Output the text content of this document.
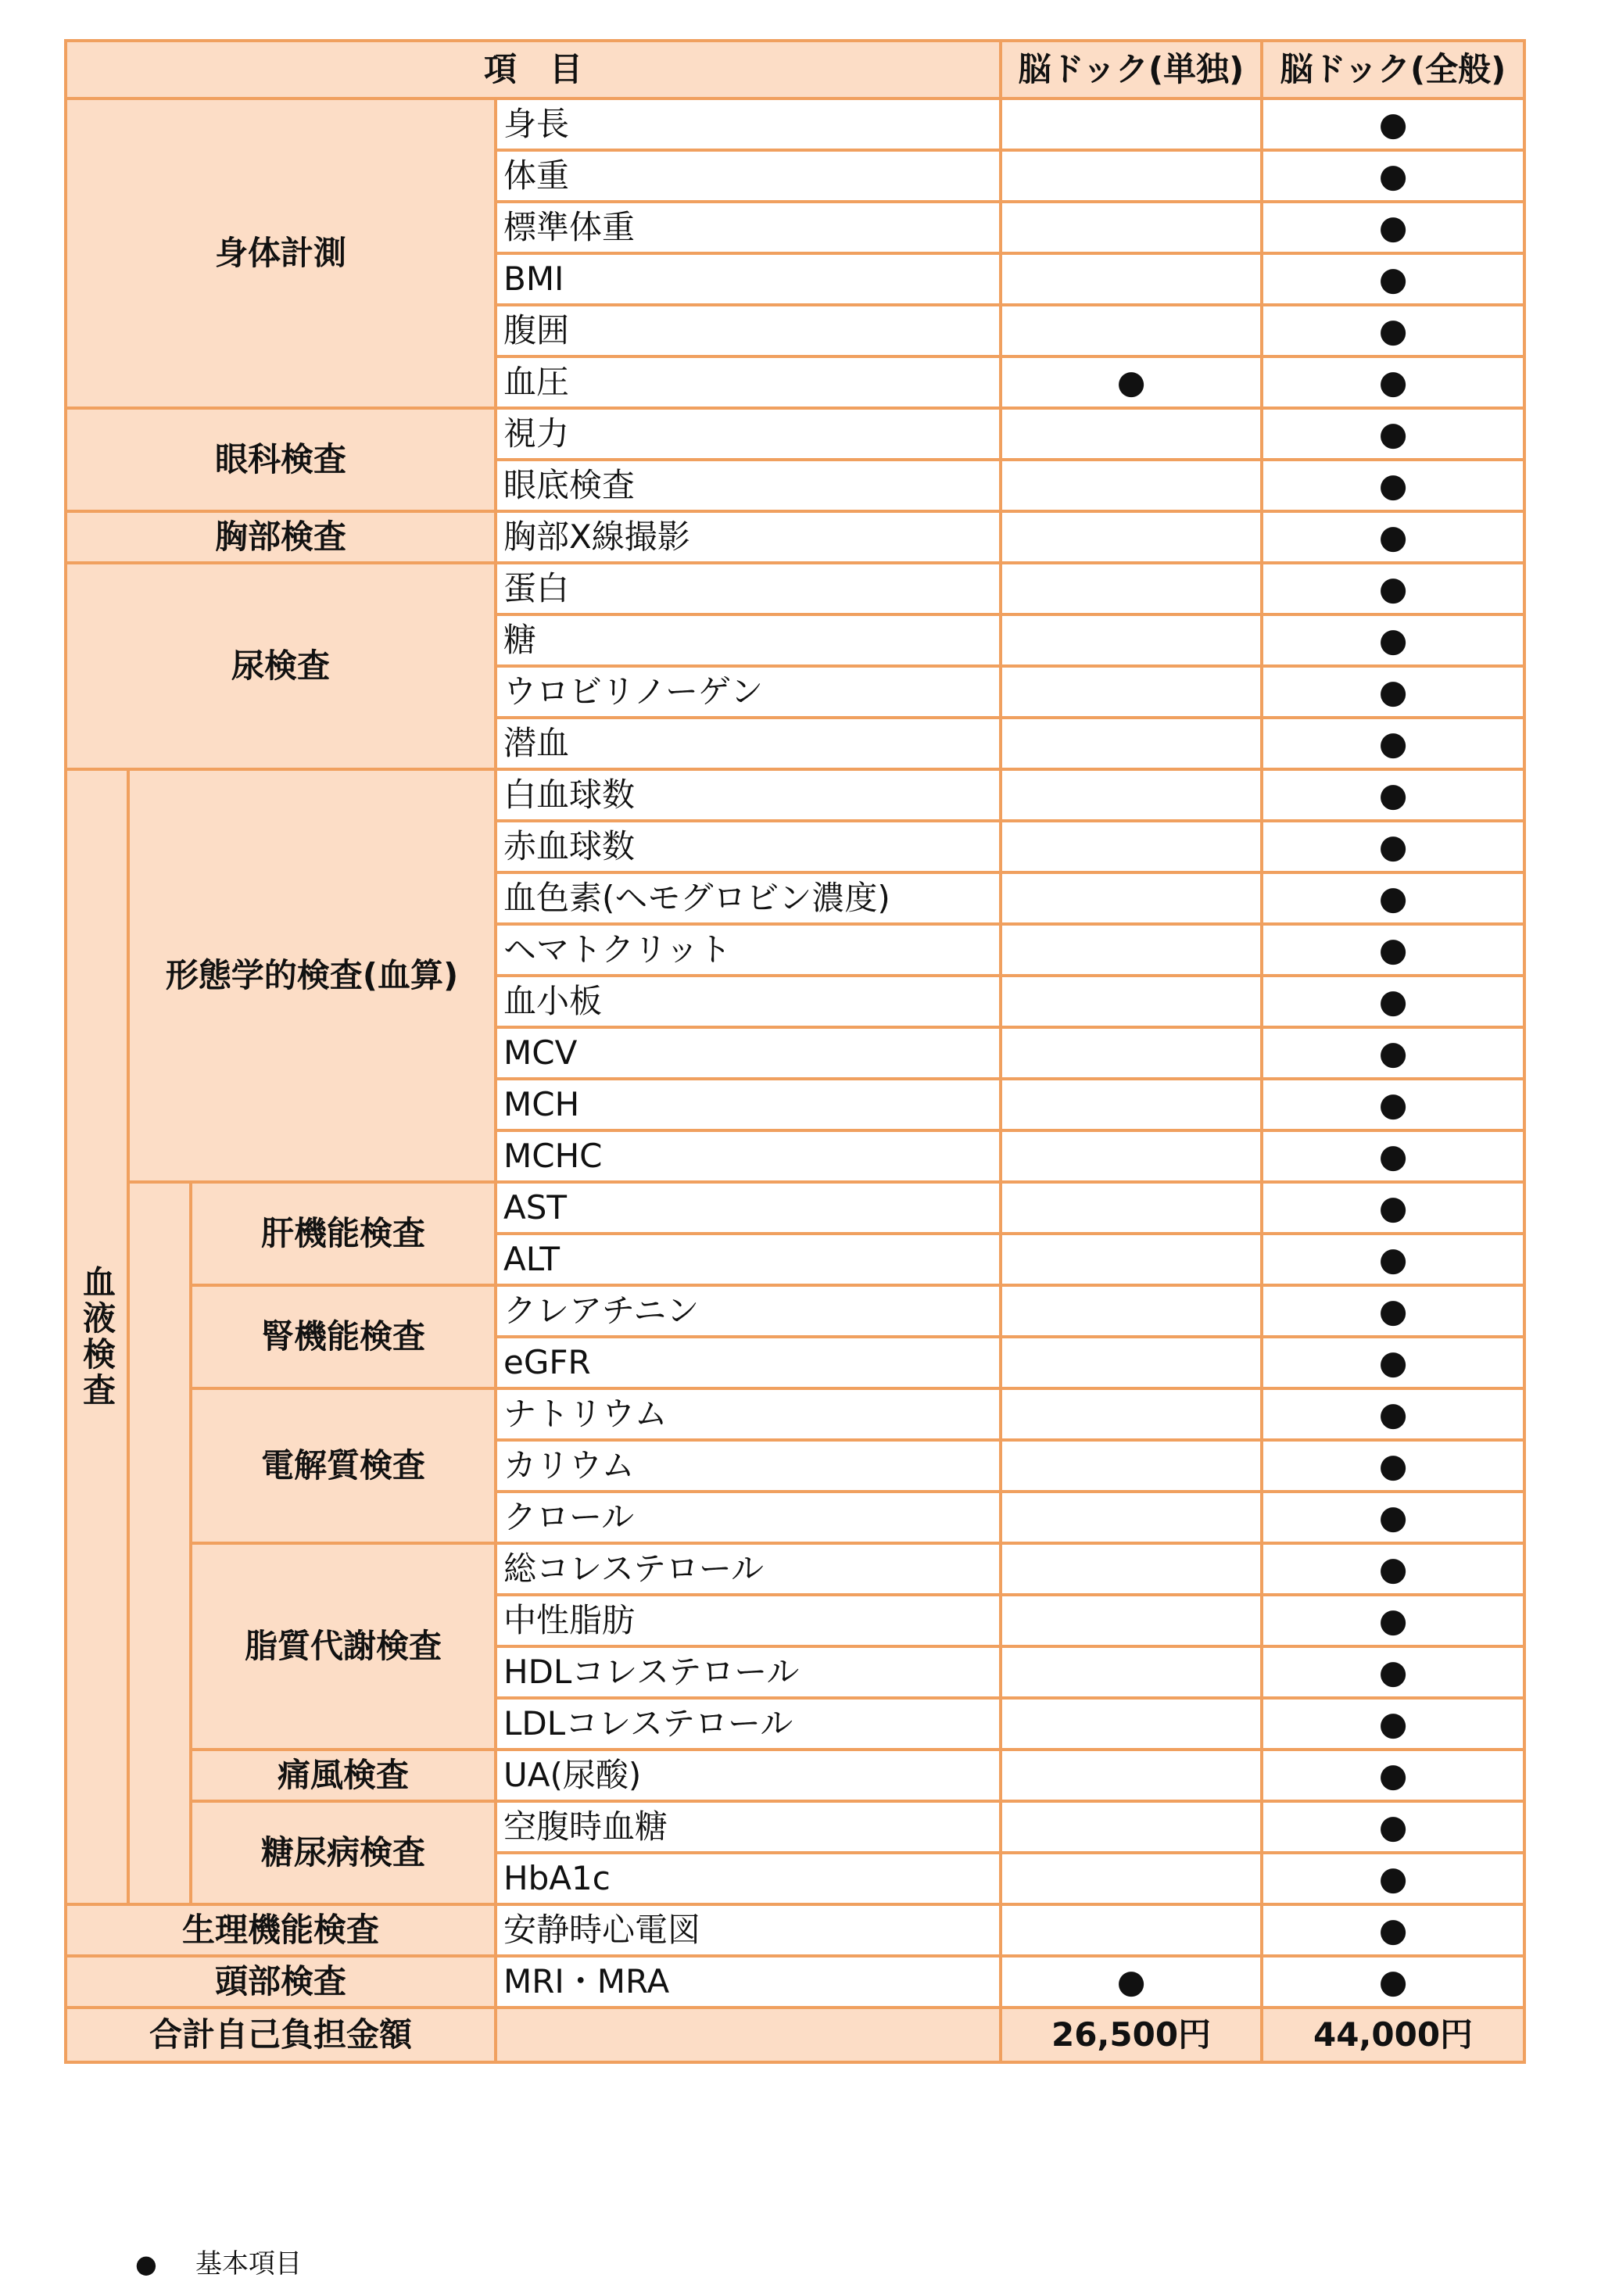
項　目				脳ドック(単独)	脳ドック(全般)
身体計測			身長		●
			体重		●
			標準体重		●
			BMI		●
			腹囲		●
			血圧	●	●
眼科検査			視力		●
			眼底検査		●
胸部検査			胸部X線撮影		●
尿検査			蛋白		●
			糖		●
			ウロビリノーゲン		●
			潜血		●
血液検査	形態学的検査(血算)		白血球数		●
			赤血球数		●
			血色素(ヘモグロビン濃度)		●
			ヘマトクリット		●
			血小板		●
			MCV		●
			MCH		●
			MCHC		●
		肝機能検査	AST		●
			ALT		●
		腎機能検査	クレアチニン		●
			eGFR		●
		電解質検査	ナトリウム		●
			カリウム		●
			クロール		●
		脂質代謝検査	総コレステロール		●
			中性脂肪		●
			HDLコレステロール		●
			LDLコレステロール		●
		痛風検査	UA(尿酸)		●
		糖尿病検査	空腹時血糖		●
			HbA1c		●
生理機能検査			安静時心電図		●
頭部検査			MRI・MRA	●	●
合計自己負担金額				26,500円	44,000円
● 基本項目
